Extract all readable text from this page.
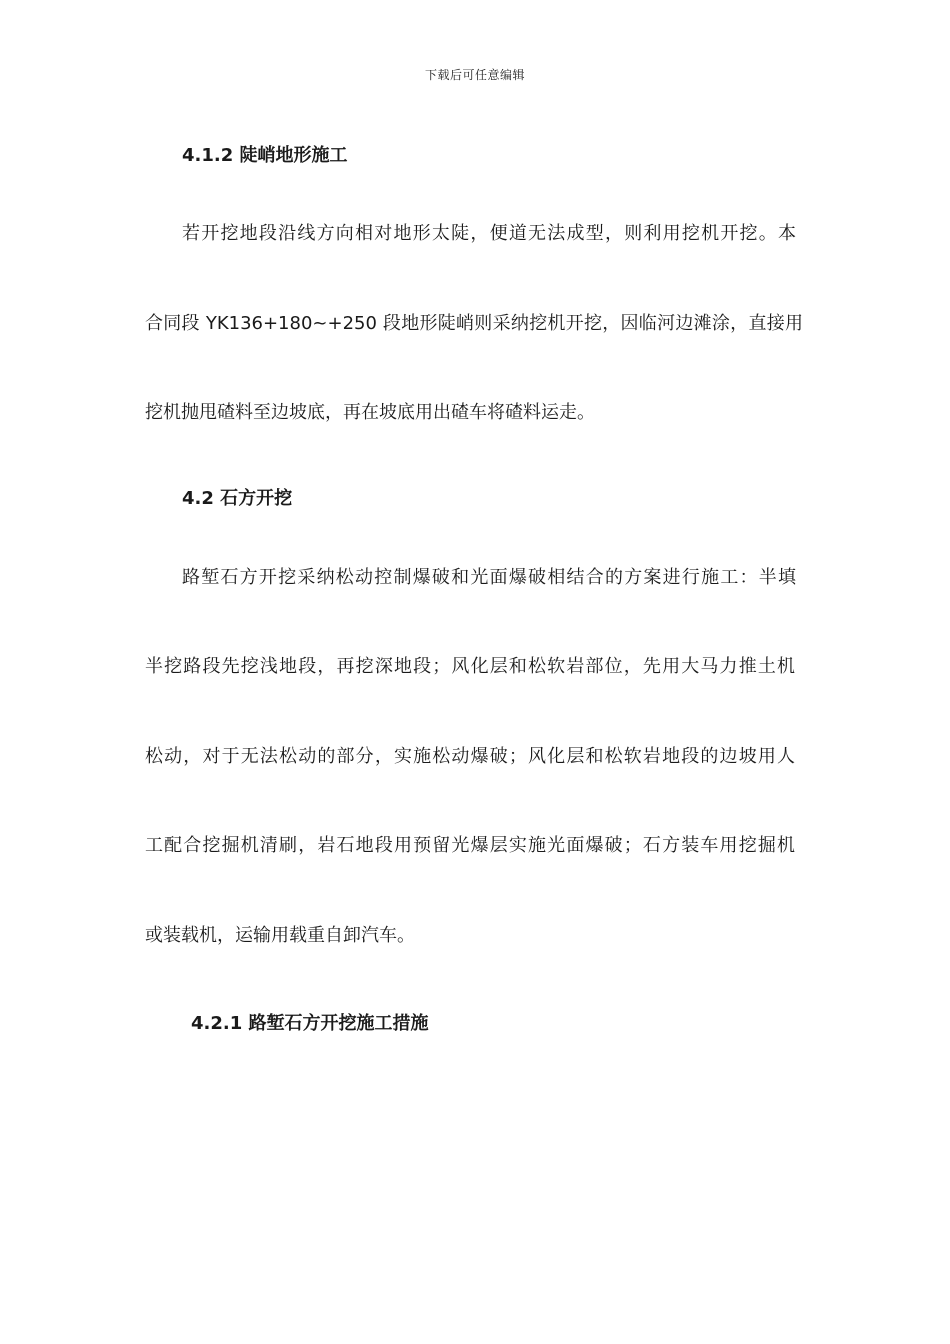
下载后可任意编辑
4.1.2 陡峭地形施工
若开挖地段沿线方向相对地形太陡，便道无法成型，则利用挖机开挖。本
合同段 YK136+180~+250 段地形陡峭则采纳挖机开挖，因临河边滩涂，直接用
挖机抛甩碴料至边坡底，再在坡底用出碴车将碴料运走。
4.2 石方开挖
路堑石方开挖采纳松动控制爆破和光面爆破相结合的方案进行施工：半填
半挖路段先挖浅地段，再挖深地段；风化层和松软岩部位，先用大马力推土机
松动，对于无法松动的部分，实施松动爆破；风化层和松软岩地段的边坡用人
工配合挖掘机清刷，岩石地段用预留光爆层实施光面爆破；石方装车用挖掘机
或装载机，运输用载重自卸汽车。
4.2.1 路堑石方开挖施工措施
